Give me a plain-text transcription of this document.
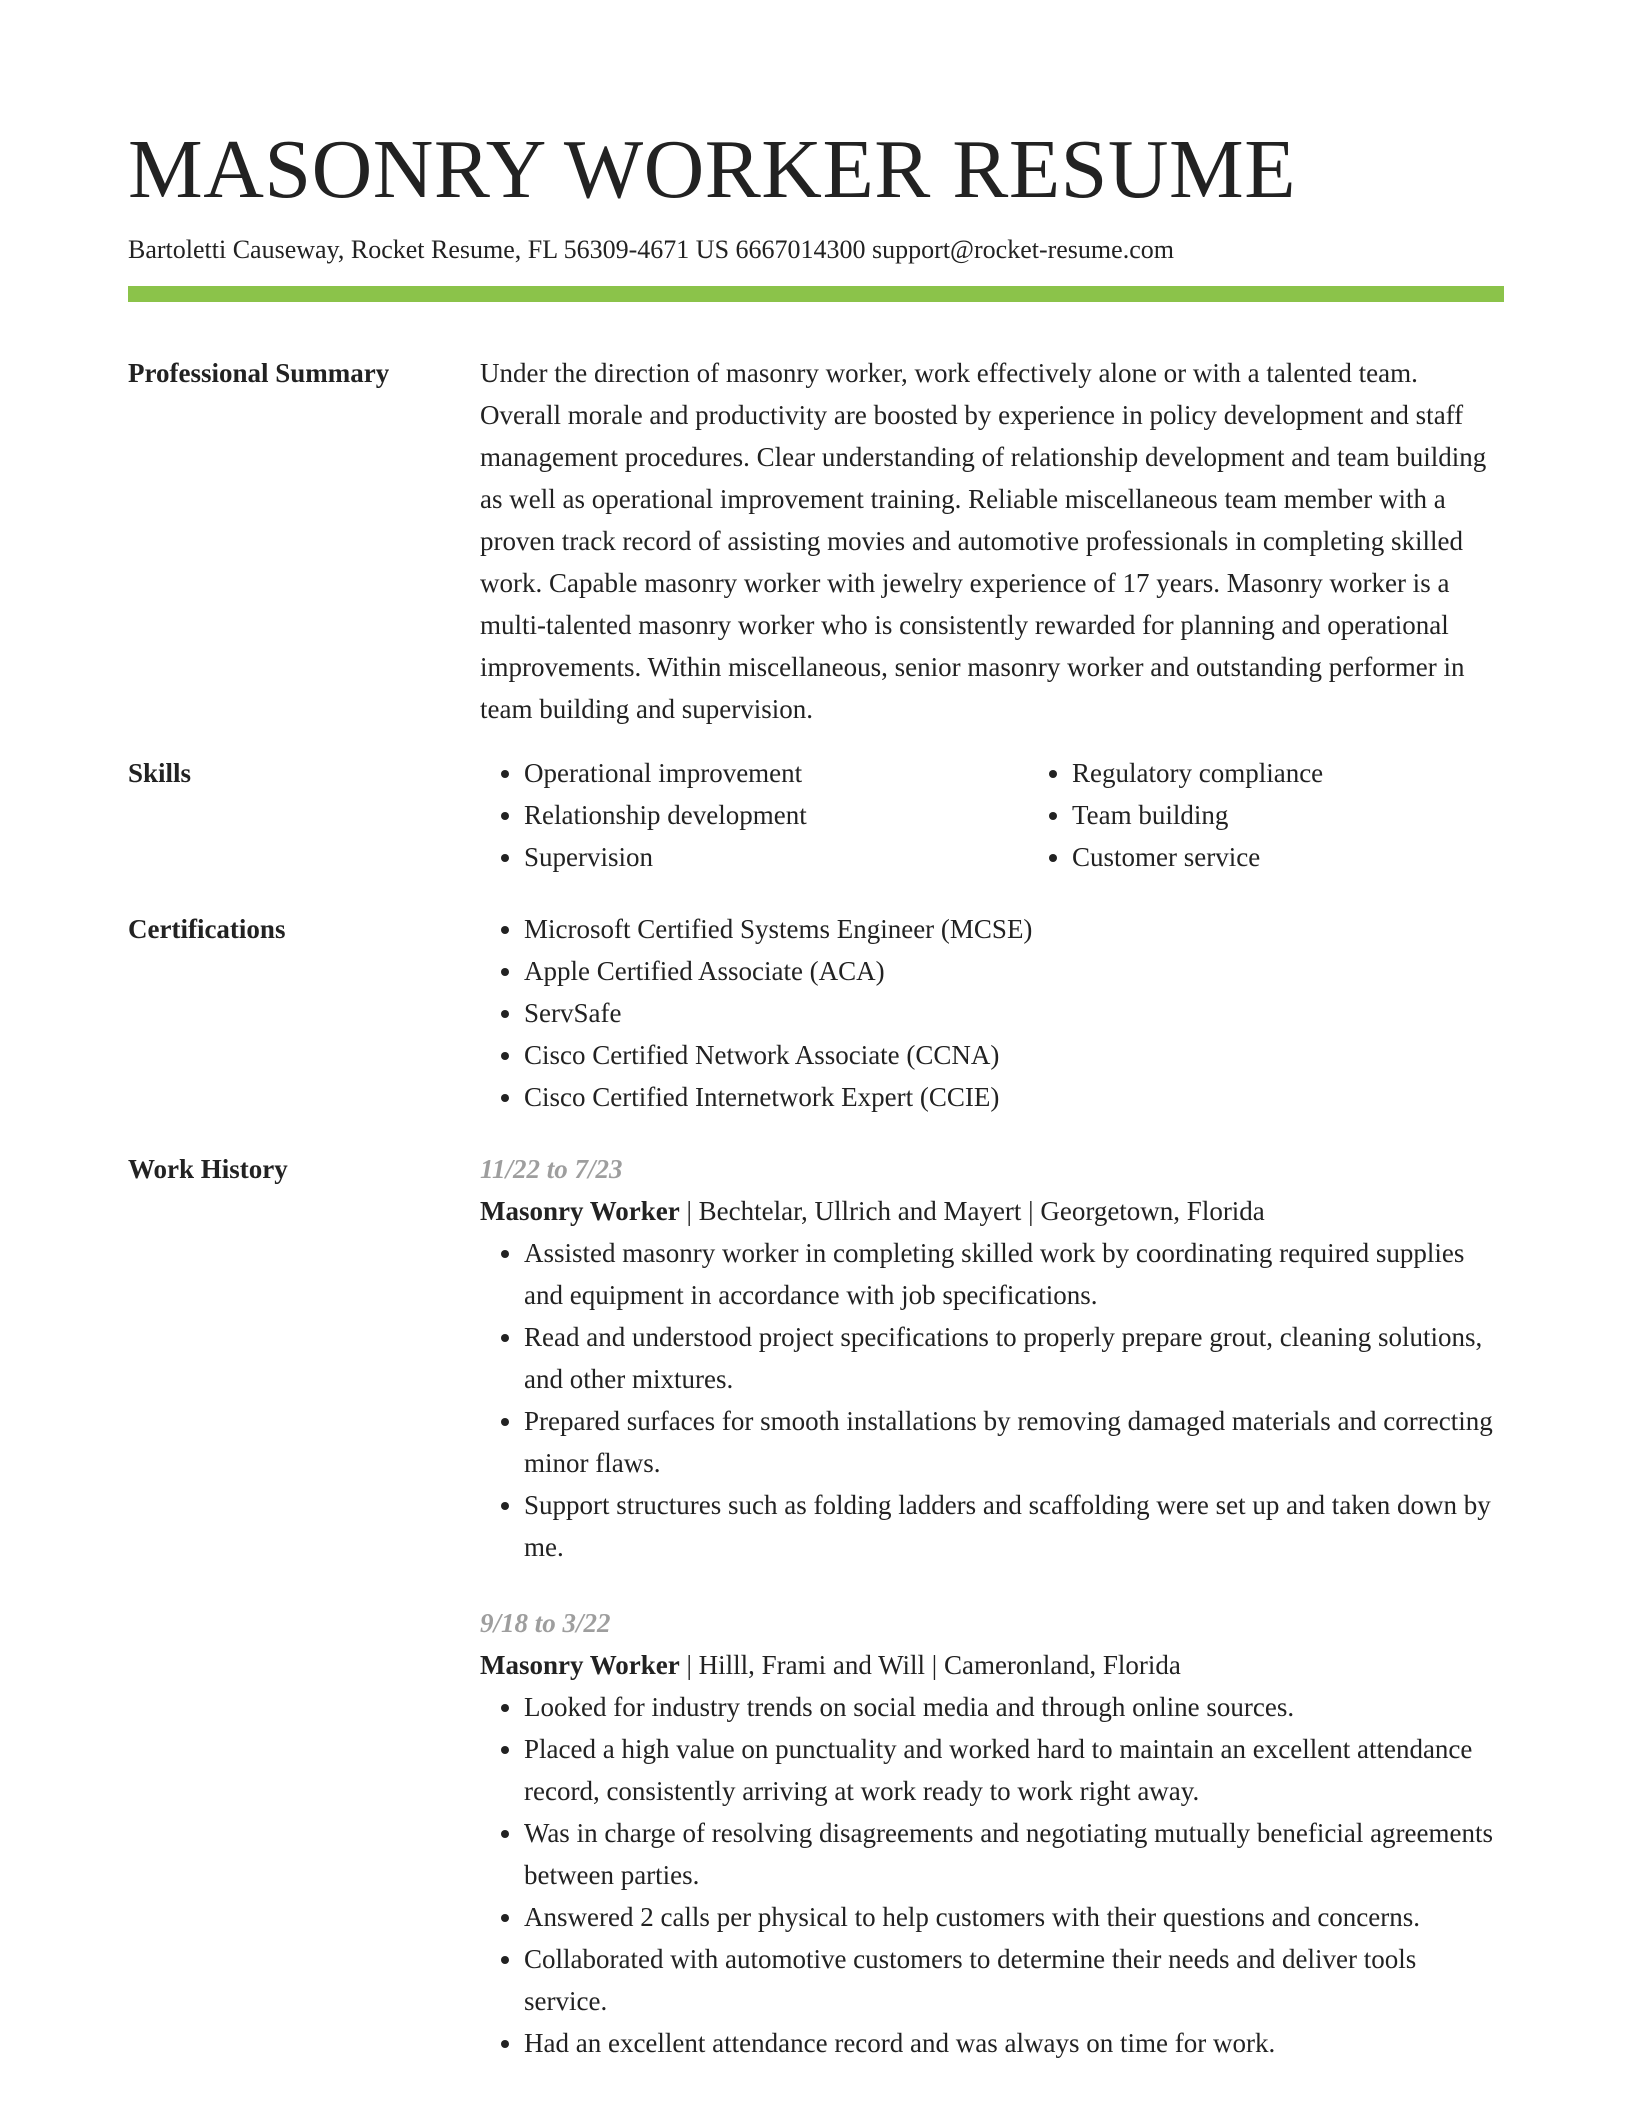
MASONRY WORKER RESUME
Bartoletti Causeway, Rocket Resume, FL 56309-4671 US 6667014300 support@rocket-resume.com
Professional Summary	Under the direction of masonry worker, work effectively alone or with a talented team. Overall morale and productivity are boosted by experience in policy development and staff management procedures. Clear understanding of relationship development and team building as well as operational improvement training. Reliable miscellaneous team member with a proven track record of assisting movies and automotive professionals in completing skilled work. Capable masonry worker with jewelry experience of 17 years. Masonry worker is a multi-talented masonry worker who is consistently rewarded for planning and operational improvements. Within miscellaneous, senior masonry worker and outstanding performer in team building and supervision.

Skills	• Operational improvement
• Relationship development
• Supervision
• Regulatory compliance
• Team building
• Customer service
Certifications	• Microsoft Certified Systems Engineer (MCSE)
• Apple Certified Associate (ACA)
• ServSafe
• Cisco Certified Network Associate (CCNA)
• Cisco Certified Internetwork Expert (CCIE)
Work History	11/22 to 7/23
Masonry Worker | Bechtelar, Ullrich and Mayert | Georgetown, Florida
• Assisted masonry worker in completing skilled work by coordinating required supplies and equipment in accordance with job specifications.
• Read and understood project specifications to properly prepare grout, cleaning solutions, and other mixtures.
• Prepared surfaces for smooth installations by removing damaged materials and correcting minor flaws.
• Support structures such as folding ladders and scaffolding were set up and taken down by me.
9/18 to 3/22
Masonry Worker | Hilll, Frami and Will | Cameronland, Florida
• Looked for industry trends on social media and through online sources.
• Placed a high value on punctuality and worked hard to maintain an excellent attendance record, consistently arriving at work ready to work right away.
• Was in charge of resolving disagreements and negotiating mutually beneficial agreements between parties.
• Answered 2 calls per physical to help customers with their questions and concerns.
• Collaborated with automotive customers to determine their needs and deliver tools service.
• Had an excellent attendance record and was always on time for work.
